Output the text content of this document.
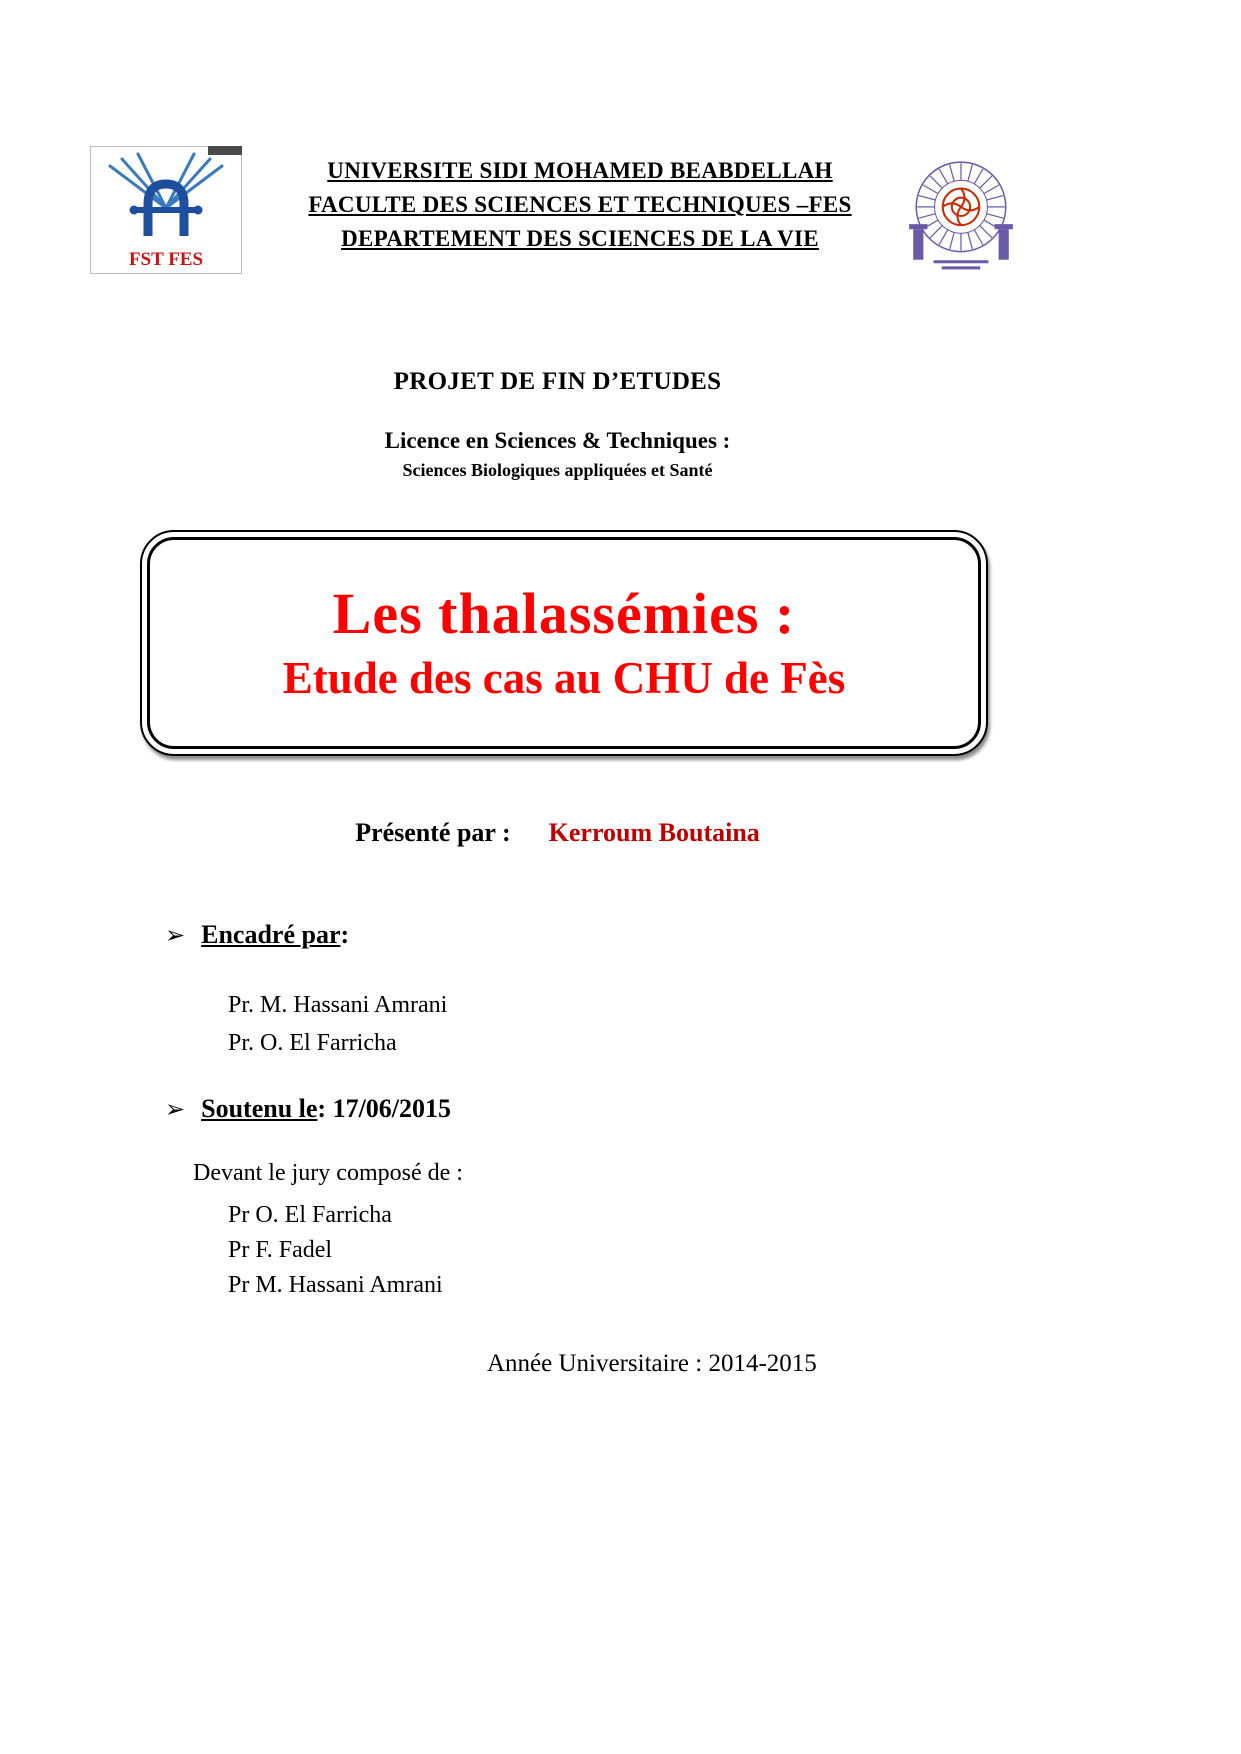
FST FES
UNIVERSITE SIDI MOHAMED BEABDELLAH
FACULTE DES SCIENCES ET TECHNIQUES –FES
DEPARTEMENT DES SCIENCES DE LA VIE
PROJET DE FIN D’ETUDES
Licence en Sciences & Techniques :
Sciences Biologiques appliquées et Santé
Les thalassémies :
Etude des cas au CHU de Fès
Présenté par : Kerroum Boutaina
➢ Encadré par :
Pr. M. Hassani Amrani
Pr. O. El Farricha
➢ Soutenu le : 17/06/2015
Devant le jury composé de :
Pr O. El Farricha
Pr F. Fadel
Pr M. Hassani Amrani
Année Universitaire : 2014-2015
